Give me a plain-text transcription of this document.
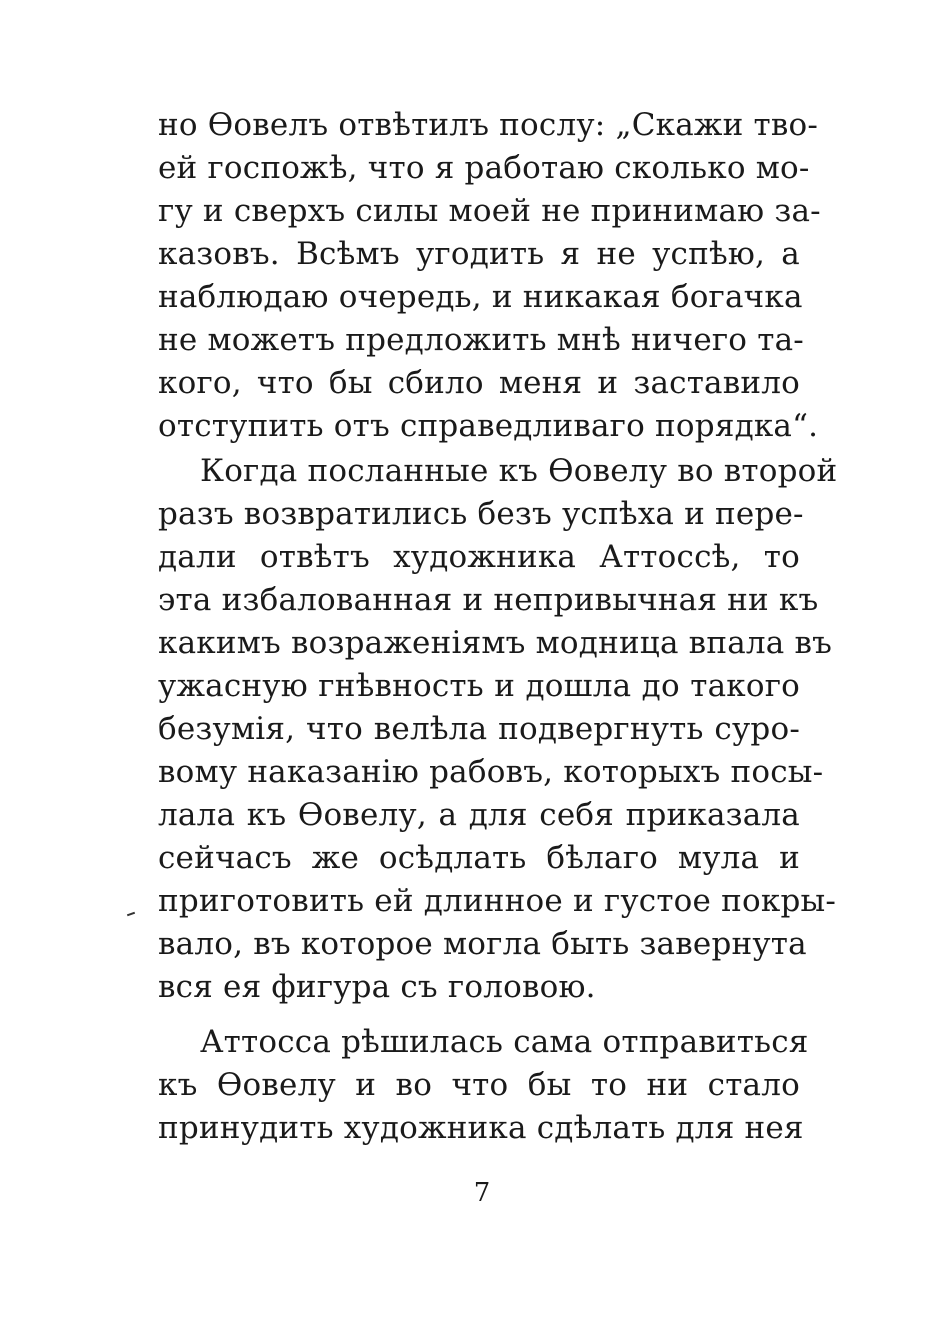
но Өовелъ отвѣтилъ послу: „Скажи тво-
ей госпожѣ, что я работаю сколько мо-
гу и сверхъ силы моей не принимаю за-
казовъ. Всѣмъ угодить я не успѣю, а
наблюдаю очередь, и никакая богачка
не можетъ предложить мнѣ ничего та-
кого, что бы сбило меня и заставило
отступить отъ справедливаго порядка“.
Когда посланные къ Өовелу во второй
разъ возвратились безъ успѣха и пере-
дали отвѣтъ художника Аттоссѣ, то
эта избалованная и непривычная ни къ
какимъ возраженіямъ модница впала въ
ужасную гнѣвность и дошла до такого
безумія, что велѣла подвергнуть суро-
вому наказанію рабовъ, которыхъ посы-
лала къ Өовелу, а для себя приказала
сейчасъ же осѣдлать бѣлаго мула и
приготовить ей длинное и густое покры-
вало, въ которое могла быть завернута
вся ея фигура съ головою.
Аттосса рѣшилась сама отправиться
къ Өовелу и во что бы то ни стало
принудить художника сдѣлать для нея
7
